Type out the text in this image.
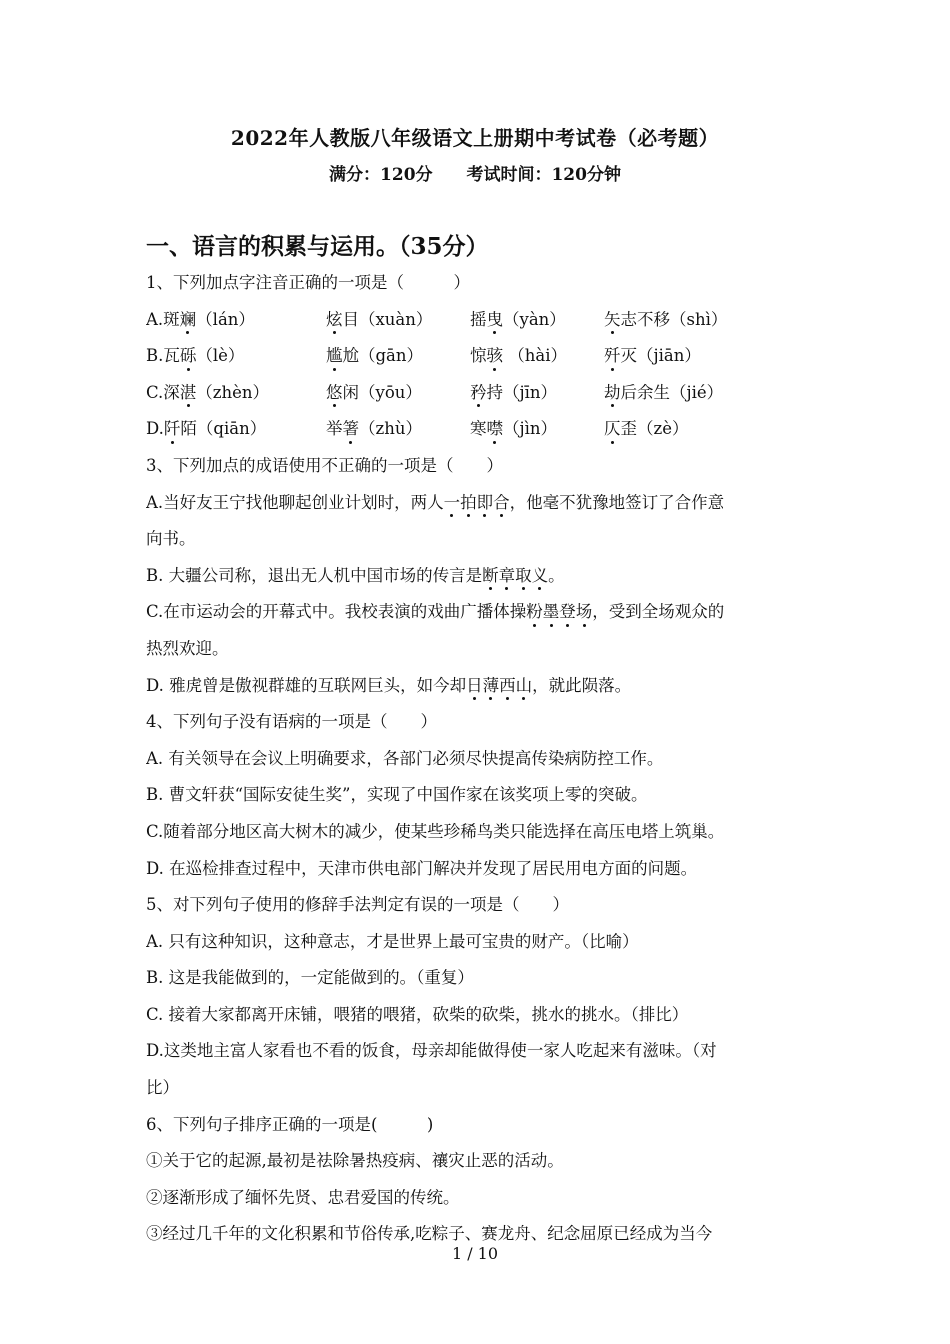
2022年人教版八年级语文上册期中考试卷（必考题）
满分：120分 考试时间：120分钟
一、语言的积累与运用。（35分）
1、下列加点字注音正确的一项是（　　　）
A.斑斓（lán）	炫目（xuàn） 摇曳（yàn） 矢志不移（shì）
B.瓦砾（lè）	尴尬（gān）	惊骇 （hài） 歼灭（jiān）
C.深湛（zhèn）	悠闲（yōu）	矜持（jīn）	劫后余生（jié）
D.阡陌（qiān）	举箸（zhù）	寒噤（jìn）	仄歪（zè）
3、下列加点的成语使用不正确的一项是（　　）
A.当好友王宁找他聊起创业计划时，两人一拍即合，他毫不犹豫地签订了合作意
向书。
B. 大疆公司称，退出无人机中国市场的传言是断章取义。
C.在市运动会的开幕式中。我校表演的戏曲广播体操粉墨登场，受到全场观众的
热烈欢迎。
D. 雅虎曾是傲视群雄的互联网巨头，如今却日薄西山，就此陨落。
4、下列句子没有语病的一项是（　　）
A. 有关领导在会议上明确要求，各部门必须尽快提高传染病防控工作。
B. 曹文轩获“国际安徒生奖”，实现了中国作家在该奖项上零的突破。
C.随着部分地区高大树木的减少，使某些珍稀鸟类只能选择在高压电塔上筑巢。
D. 在巡检排查过程中，天津市供电部门解决并发现了居民用电方面的问题。
5、对下列句子使用的修辞手法判定有误的一项是（　　）
A. 只有这种知识，这种意志，才是世界上最可宝贵的财产。（比喻）
B. 这是我能做到的，一定能做到的。（重复）
C. 接着大家都离开床铺，喂猪的喂猪，砍柴的砍柴，挑水的挑水。（排比）
D.这类地主富人家看也不看的饭食，母亲却能做得使一家人吃起来有滋味。（对
比）
6、下列句子排序正确的一项是(　　　)
①关于它的起源,最初是祛除暑热疫病、禳灾止恶的活动。
②逐渐形成了缅怀先贤、忠君爱国的传统。
③经过几千年的文化积累和节俗传承,吃粽子、赛龙舟、纪念屈原已经成为当今
1 / 10
